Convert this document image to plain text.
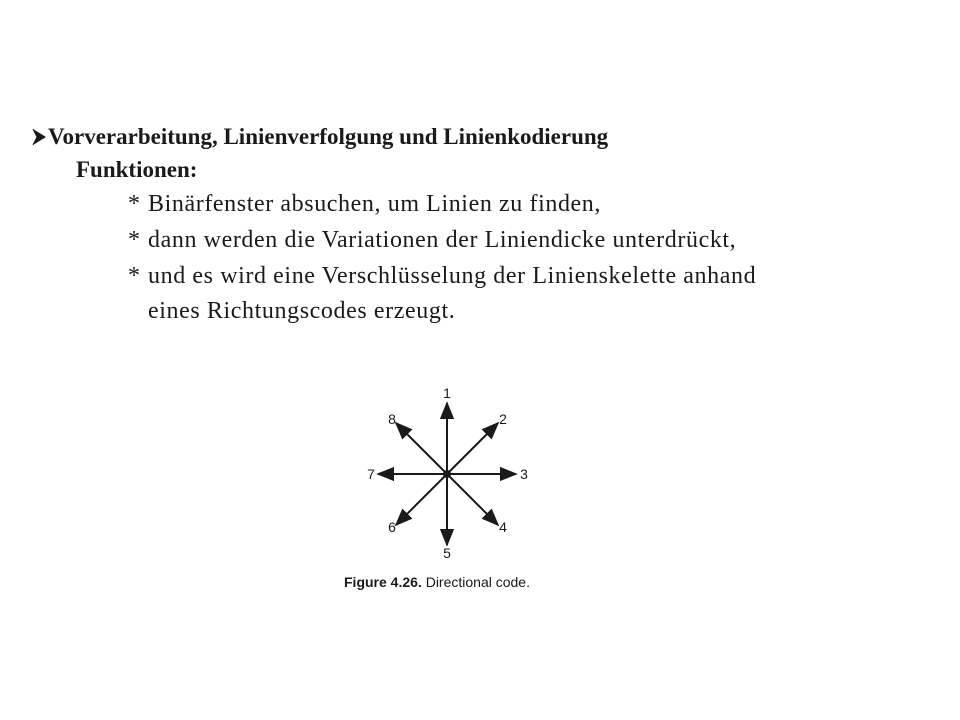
Vorverarbeitung, Linienverfolgung und Linienkodierung
Funktionen:
* Binärfenster absuchen, um Linien zu finden,
* dann werden die Variationen der Liniendicke unterdrückt,
* und es wird eine Verschlüsselung der Linienskelette anhand
eines Richtungscodes erzeugt.
1
2
3
4
5
6
7
8
Figure 4.26. Directional code.
